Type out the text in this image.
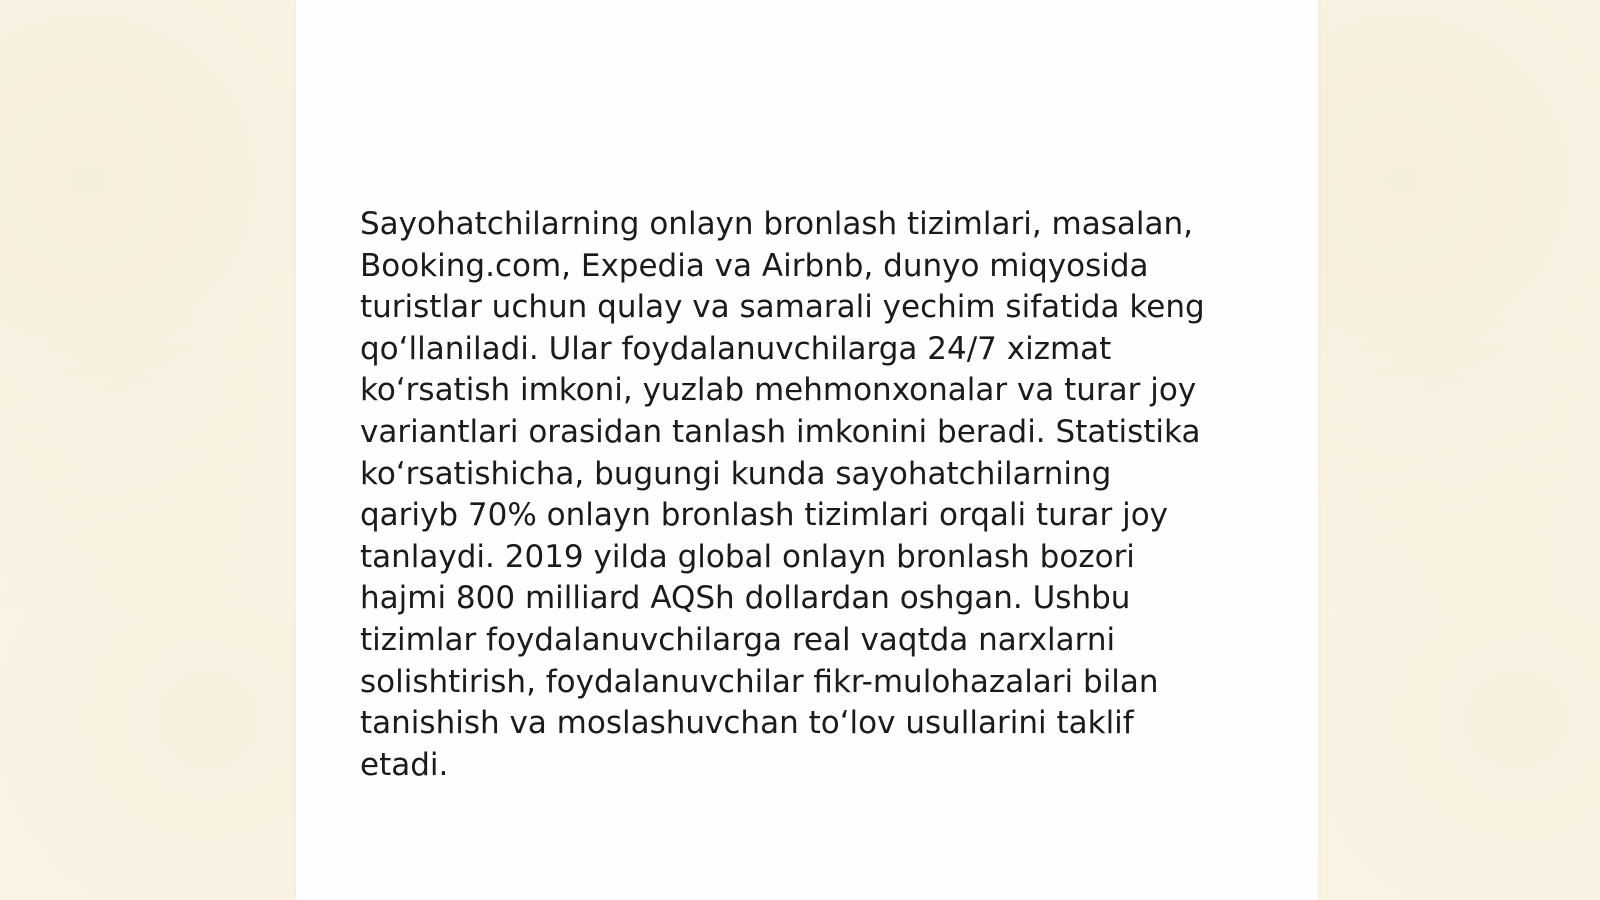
Sayohatchilarning onlayn bronlash tizimlari, masalan,
Booking.com, Expedia va Airbnb, dunyo miqyosida
turistlar uchun qulay va samarali yechim sifatida keng
qoʻllaniladi. Ular foydalanuvchilarga 24/7 xizmat
koʻrsatish imkoni, yuzlab mehmonxonalar va turar joy
variantlari orasidan tanlash imkonini beradi. Statistika
koʻrsatishicha, bugungi kunda sayohatchilarning
qariyb 70% onlayn bronlash tizimlari orqali turar joy
tanlaydi. 2019 yilda global onlayn bronlash bozori
hajmi 800 milliard AQSh dollardan oshgan. Ushbu
tizimlar foydalanuvchilarga real vaqtda narxlarni
solishtirish, foydalanuvchilar fikr-mulohazalari bilan
tanishish va moslashuvchan toʻlov usullarini taklif
etadi.
